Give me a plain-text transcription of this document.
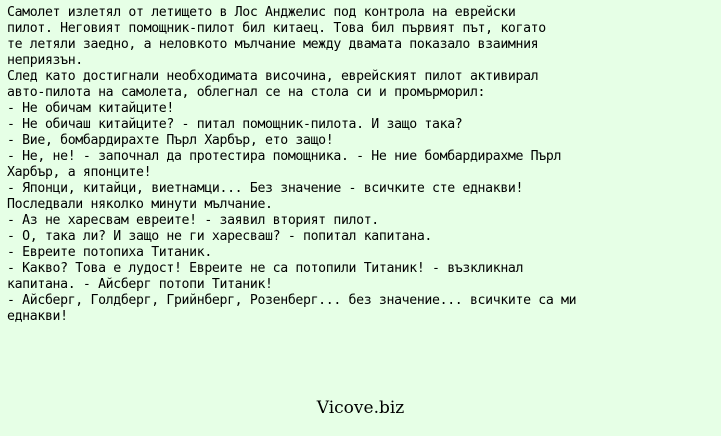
Самолет излетял от летището в Лос Анджелис под контрола на еврейски
пилот. Неговият помощник-пилот бил китаец. Това бил първият път, когато
те летяли заедно, а неловкото мълчание между двамата показало взаимния
неприязън.
След като достигнали необходимата височина, еврейският пилот активирал
авто-пилота на самолета, облегнал се на стола си и промърморил:
- Не обичам китайците!
- Не обичаш китайците? - питал помощник-пилота. И защо така?
- Вие, бомбардирахте Пърл Харбър, ето защо!
- Не, не! - започнал да протестира помощника. - Не ние бомбардирахме Пърл
Харбър, а японците!
- Японци, китайци, виетнамци... Без значение - всичките сте еднакви!
Последвали няколко минути мълчание.
- Аз не харесвам евреите! - заявил вторият пилот.
- О, така ли? И защо не ги харесваш? - попитал капитана.
- Евреите потопиха Титаник.
- Какво? Това е лудост! Евреите не са потопили Титаник! - възкликнал
капитана. - Айсберг потопи Титаник!
- Айсберг, Голдберг, Грийнберг, Розенберг... без значение... всичките са ми
еднакви!
Vicove.biz
